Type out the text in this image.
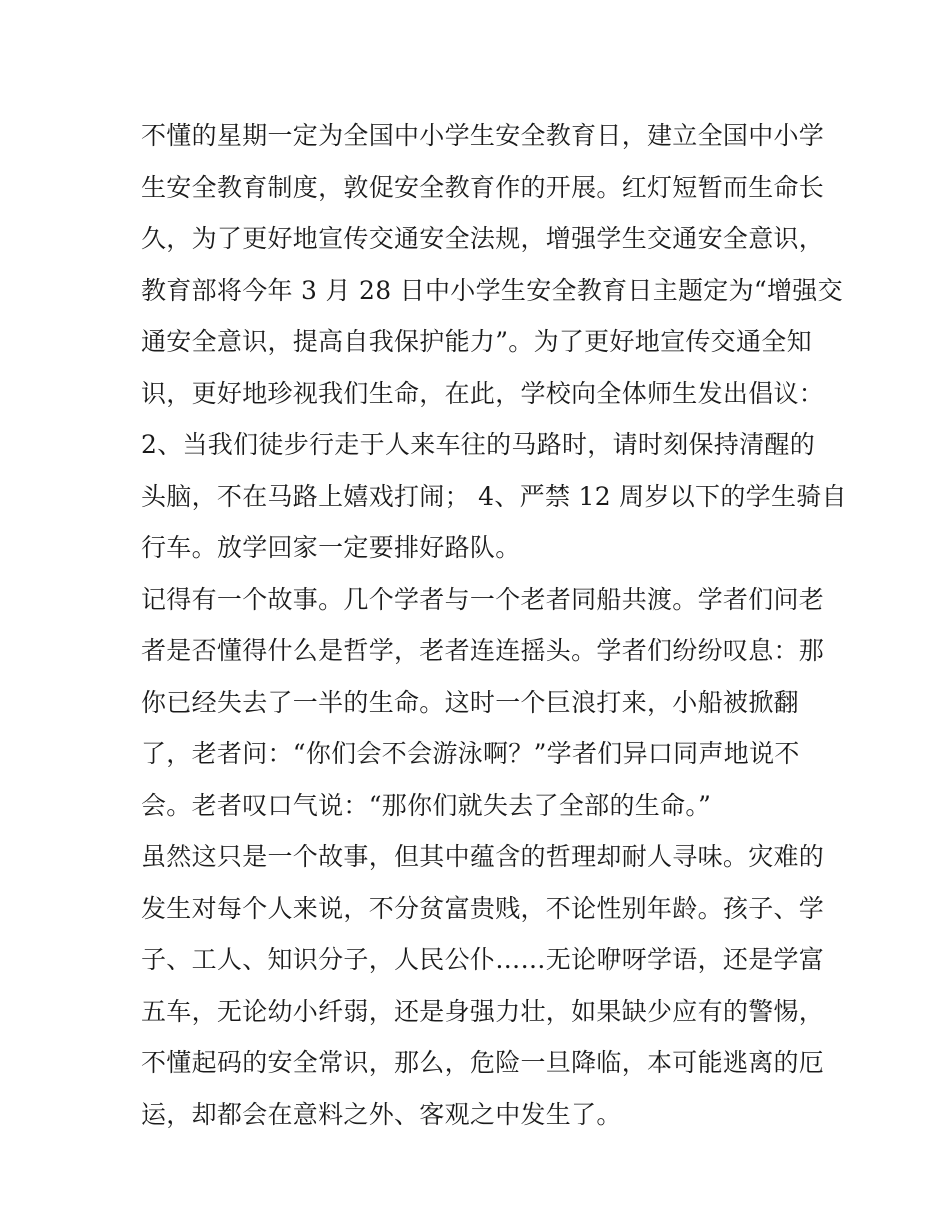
不懂的星期一定为全国中小学生安全教育日，建立全国中小学
生安全教育制度，敦促安全教育作的开展。红灯短暂而生命长
久，为了更好地宣传交通安全法规，增强学生交通安全意识，
教育部将今年 3 月 28 日中小学生安全教育日主题定为“增强交
通安全意识，提高自我保护能力”。为了更好地宣传交通全知
识，更好地珍视我们生命，在此，学校向全体师生发出倡议：
2、当我们徒步行走于人来车往的马路时，请时刻保持清醒的
头脑，不在马路上嬉戏打闹； 4、严禁 12 周岁以下的学生骑自
行车。放学回家一定要排好路队。
记得有一个故事。几个学者与一个老者同船共渡。学者们问老
者是否懂得什么是哲学，老者连连摇头。学者们纷纷叹息：那
你已经失去了一半的生命。这时一个巨浪打来，小船被掀翻
了，老者问：“你们会不会游泳啊？”学者们异口同声地说不
会。老者叹口气说：“那你们就失去了全部的生命。”
虽然这只是一个故事，但其中蕴含的哲理却耐人寻味。灾难的
发生对每个人来说，不分贫富贵贱，不论性别年龄。孩子、学
子、工人、知识分子，人民公仆……无论咿呀学语，还是学富
五车，无论幼小纤弱，还是身强力壮，如果缺少应有的警惕，
不懂起码的安全常识，那么，危险一旦降临，本可能逃离的厄
运，却都会在意料之外、客观之中发生了。
